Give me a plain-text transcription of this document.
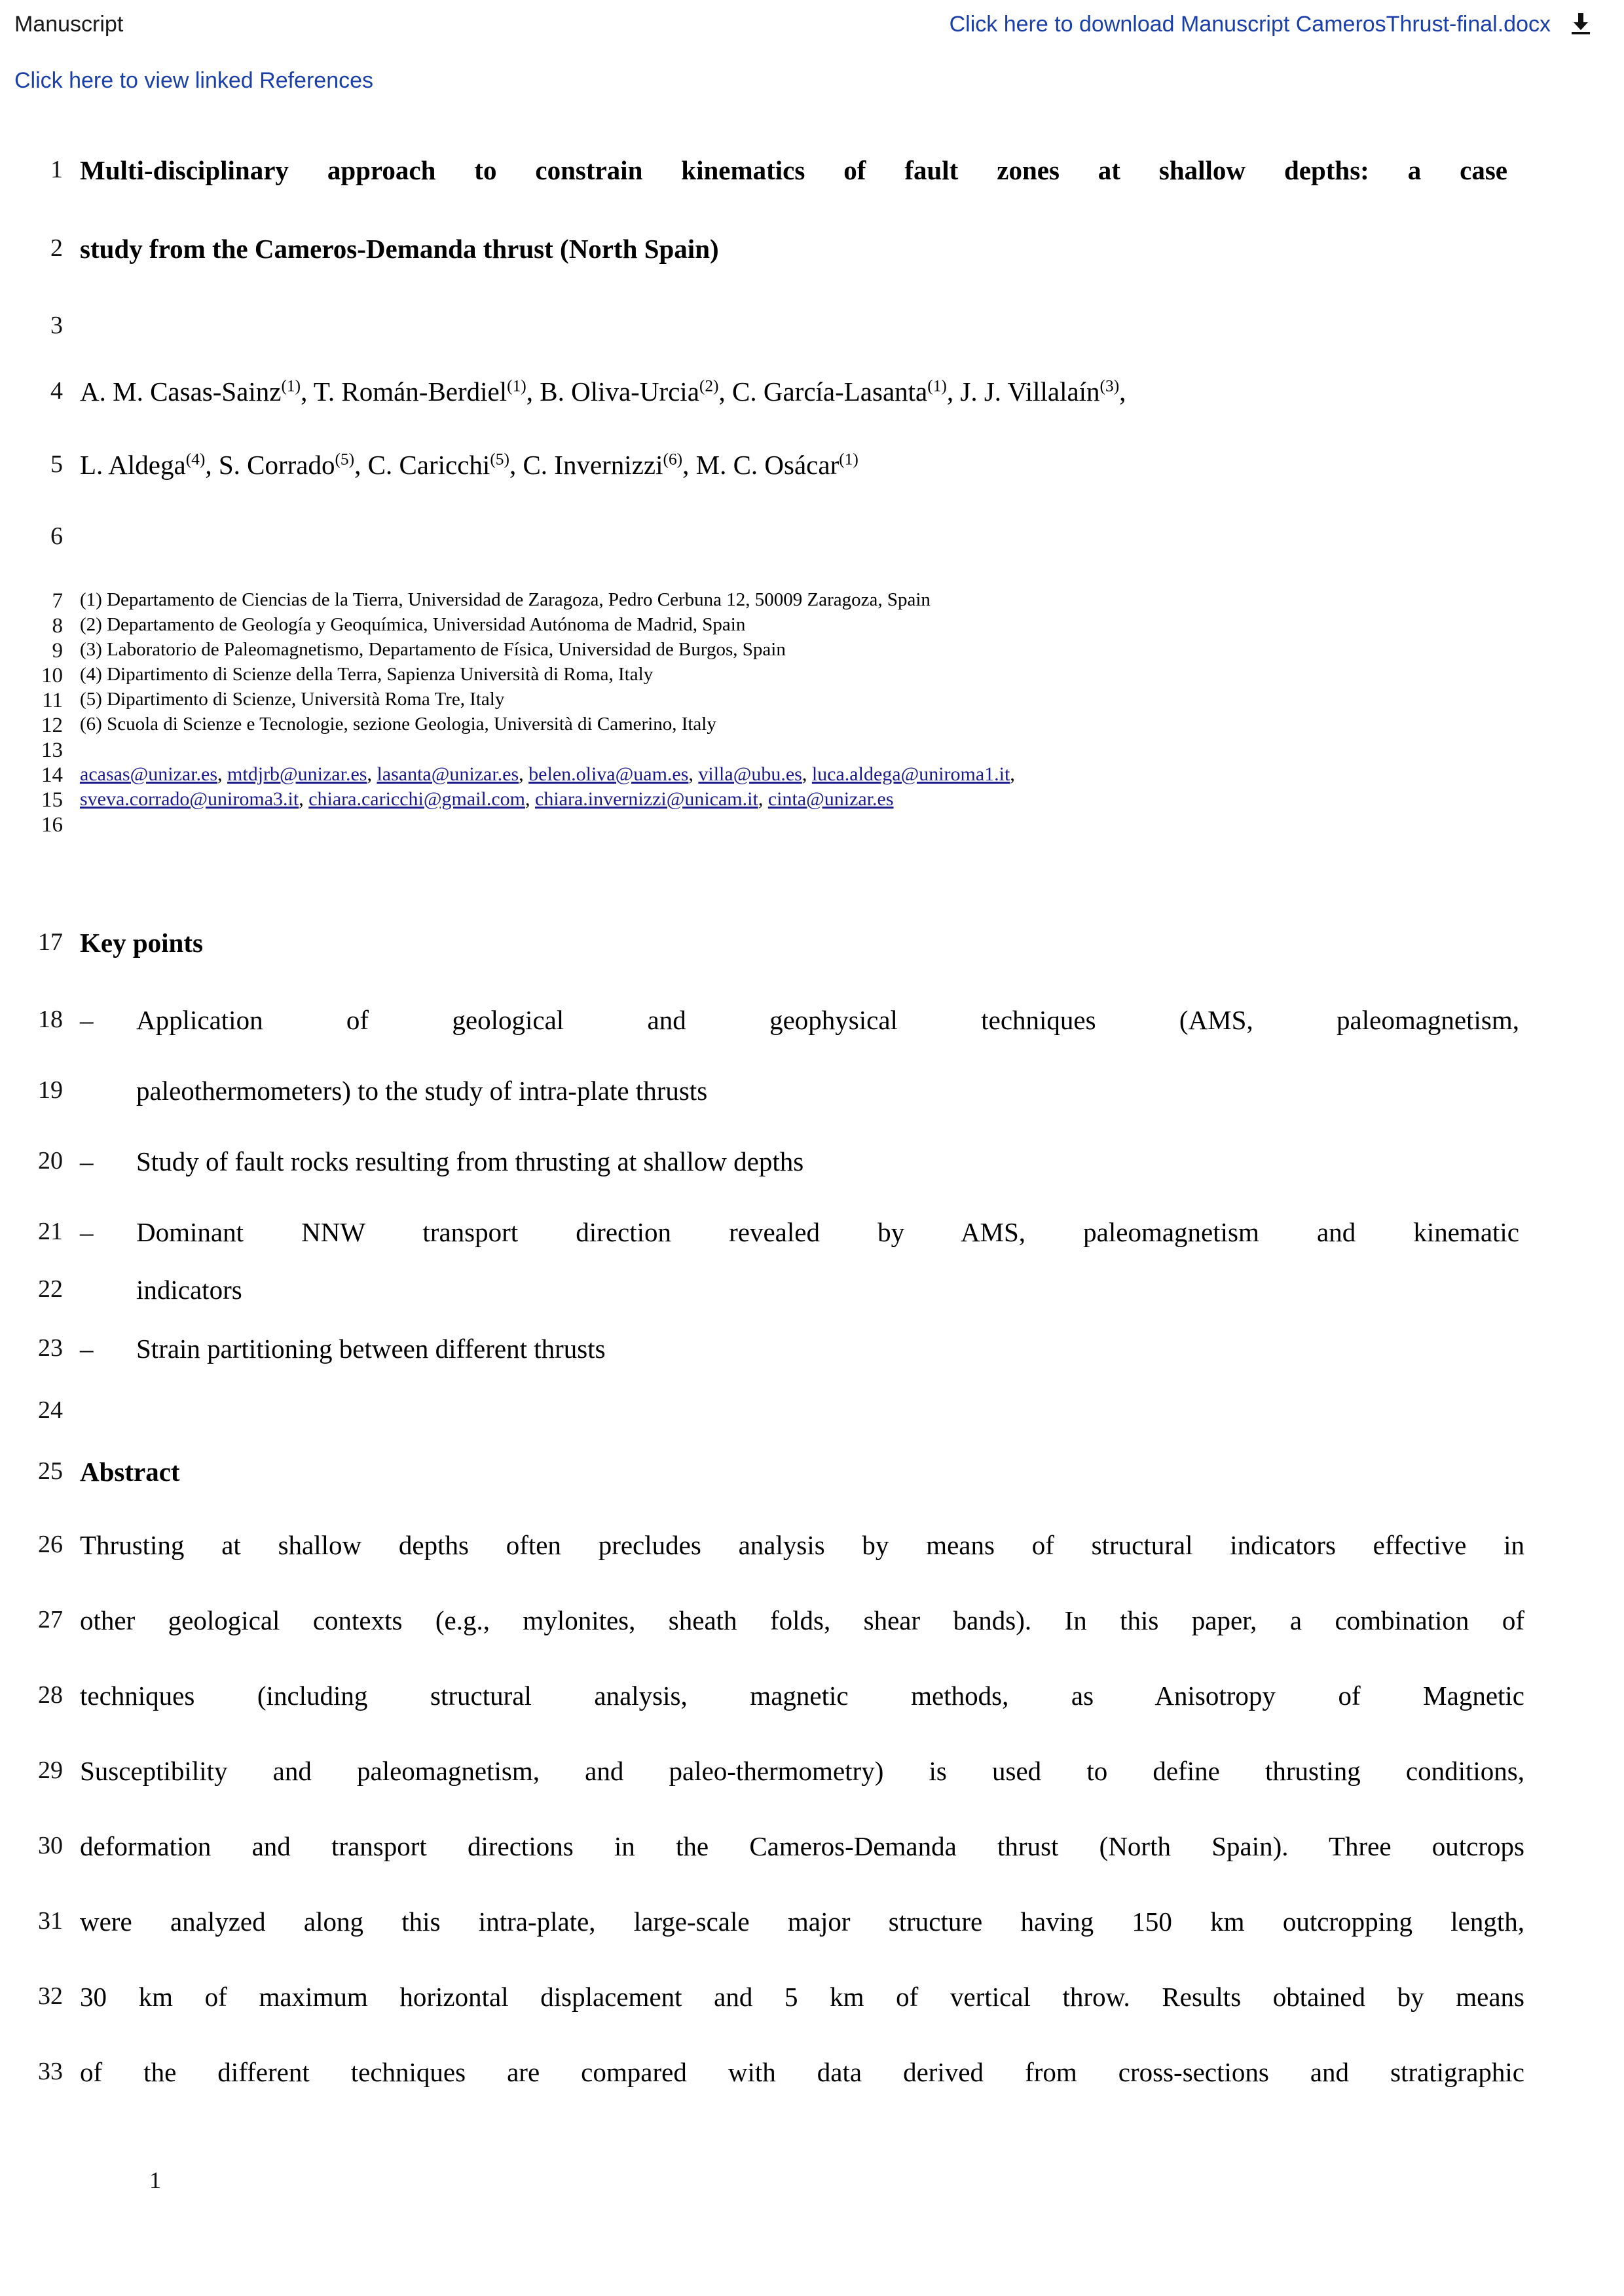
Manuscript	Click here to download Manuscript CamerosThrust-final.docx
Click here to view linked References
1 Multi-disciplinary approach to constrain kinematics of fault zones at shallow depths: a case
2 study from the Cameros-Demanda thrust (North Spain)
3
4 A. M. Casas-Sainz$^{(1)}$, T. Román-Berdiel$^{(1)}$, B. Oliva-Urcia$^{(2)}$, C. García-Lasanta$^{(1)}$, J. J. Villalaín$^{(3)}$,
5 L. Aldega$^{(4)}$, S. Corrado$^{(5)}$, C. Caricchi$^{(5)}$, C. Invernizzi$^{(6)}$, M. C. Osácar$^{(1)}$
6
7 (1) Departamento de Ciencias de la Tierra, Universidad de Zaragoza, Pedro Cerbuna 12, 50009 Zaragoza, Spain
8 (2) Departamento de Geología y Geoquímica, Universidad Autónoma de Madrid, Spain
9 (3) Laboratorio de Paleomagnetismo, Departamento de Física, Universidad de Burgos, Spain
10 (4) Dipartimento di Scienze della Terra, Sapienza Università di Roma, Italy
11 (5) Dipartimento di Scienze, Università Roma Tre, Italy
12 (6) Scuola di Scienze e Tecnologie, sezione Geologia, Università di Camerino, Italy
13
14 acasas@unizar.es, mtdjrb@unizar.es, lasanta@unizar.es, belen.oliva@uam.es, villa@ubu.es, luca.aldega@uniroma1.it,
15 sveva.corrado@uniroma3.it, chiara.caricchi@gmail.com, chiara.invernizzi@unicam.it, cinta@unizar.es
16
17 Key points
18 –	Application of geological and geophysical techniques (AMS, paleomagnetism,
19	paleothermometers) to the study of intra-plate thrusts
20 –	Study of fault rocks resulting from thrusting at shallow depths
21 –	Dominant NNW transport direction revealed by AMS, paleomagnetism and kinematic
22	indicators
23 –	Strain partitioning between different thrusts
24
25 Abstract
26 Thrusting at shallow depths often precludes analysis by means of structural indicators effective in
27 other geological contexts (e.g., mylonites, sheath folds, shear bands). In this paper, a combination of
28 techniques (including structural analysis, magnetic methods, as Anisotropy of Magnetic
29 Susceptibility and paleomagnetism, and paleo-thermometry) is used to define thrusting conditions,
30 deformation and transport directions in the Cameros-Demanda thrust (North Spain). Three outcrops
31 were analyzed along this intra-plate, large-scale major structure having 150 km outcropping length,
32 30 km of maximum horizontal displacement and 5 km of vertical throw. Results obtained by means
33 of the different techniques are compared with data derived from cross-sections and stratigraphic
1
